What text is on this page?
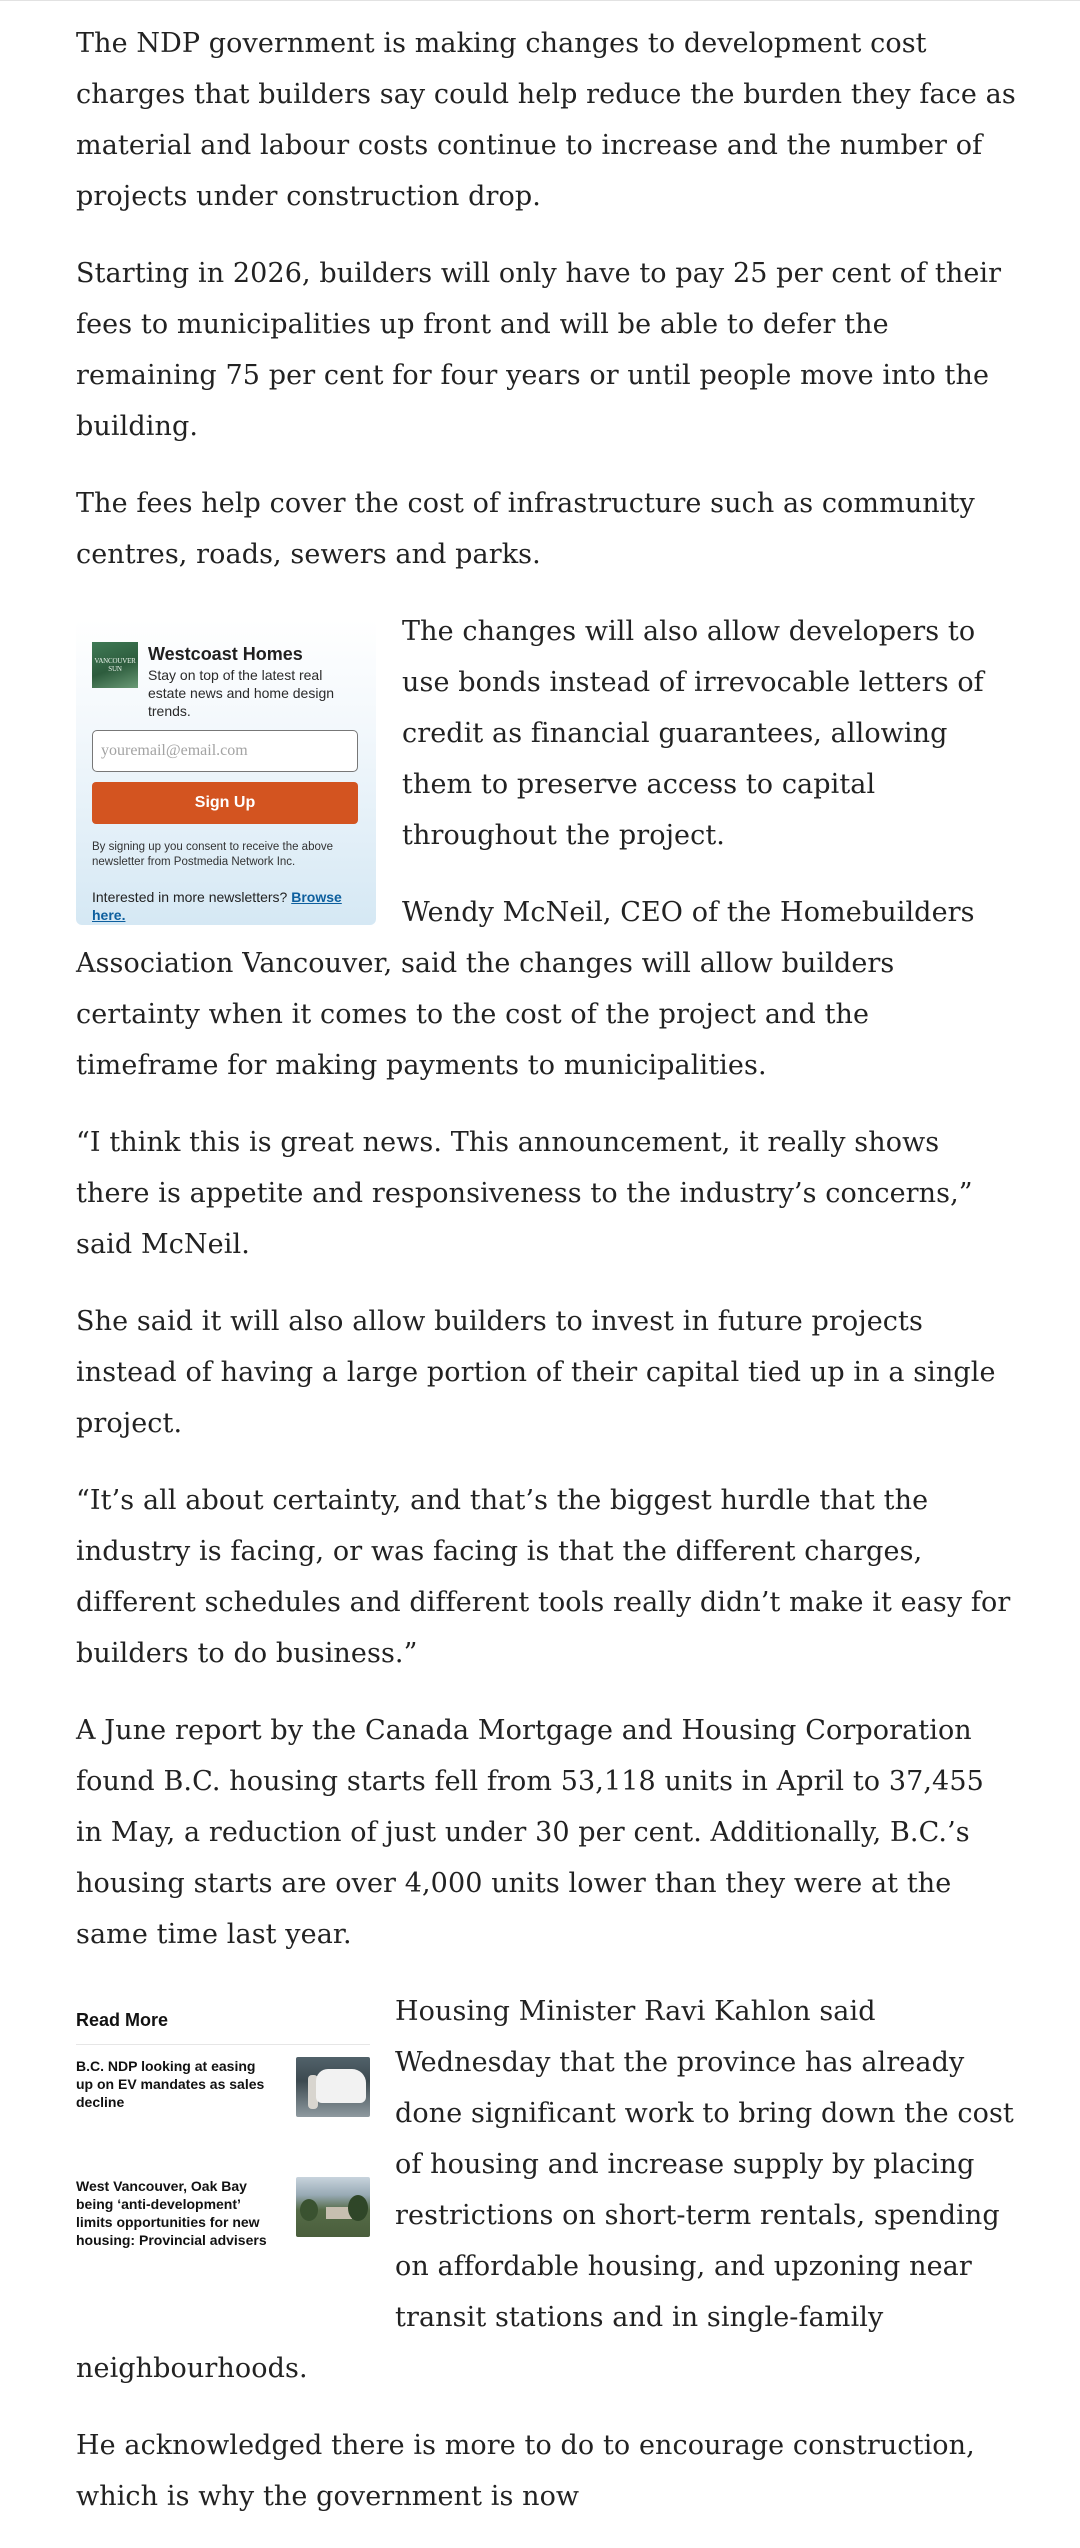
The NDP government is making changes to development cost charges that builders say could help reduce the burden they face as material and labour costs continue to increase and the number of projects under construction drop.

Starting in 2026, builders will only have to pay 25 per cent of their fees to municipalities up front and will be able to defer the remaining 75 per cent for four years or until people move into the building.

The fees help cover the cost of infrastructure such as community centres, roads, sewers and parks.

VANCOUVER SUN
Westcoast Homes
Stay on top of the latest real estate news and home design trends.
youremail@email.com
Sign Up
By signing up you consent to receive the above newsletter from Postmedia Network Inc.
Interested in more newsletters? Browse here.

The changes will also allow developers to use bonds instead of irrevocable letters of credit as financial guarantees, allowing them to preserve access to capital throughout the project.

Wendy McNeil, CEO of the Homebuilders Association Vancouver, said the changes will allow builders certainty when it comes to the cost of the project and the timeframe for making payments to municipalities.

“I think this is great news. This announcement, it really shows there is appetite and responsiveness to the industry’s concerns,” said McNeil.

She said it will also allow builders to invest in future projects instead of having a large portion of their capital tied up in a single project.

“It’s all about certainty, and that’s the biggest hurdle that the industry is facing, or was facing is that the different charges, different schedules and different tools really didn’t make it easy for builders to do business.”

A June report by the Canada Mortgage and Housing Corporation found B.C. housing starts fell from 53,118 units in April to 37,455 in May, a reduction of just under 30 per cent. Additionally, B.C.’s housing starts are over 4,000 units lower than they were at the same time last year.

Read More
B.C. NDP looking at easing up on EV mandates as sales decline
West Vancouver, Oak Bay being ‘anti-development’ limits opportunities for new housing: Provincial advisers

Housing Minister Ravi Kahlon said Wednesday that the province has already done significant work to bring down the cost of housing and increase supply by placing restrictions on short-term rentals, spending on affordable housing, and upzoning near transit stations and in single-family neighbourhoods.

He acknowledged there is more to do to encourage construction, which is why the government is now
